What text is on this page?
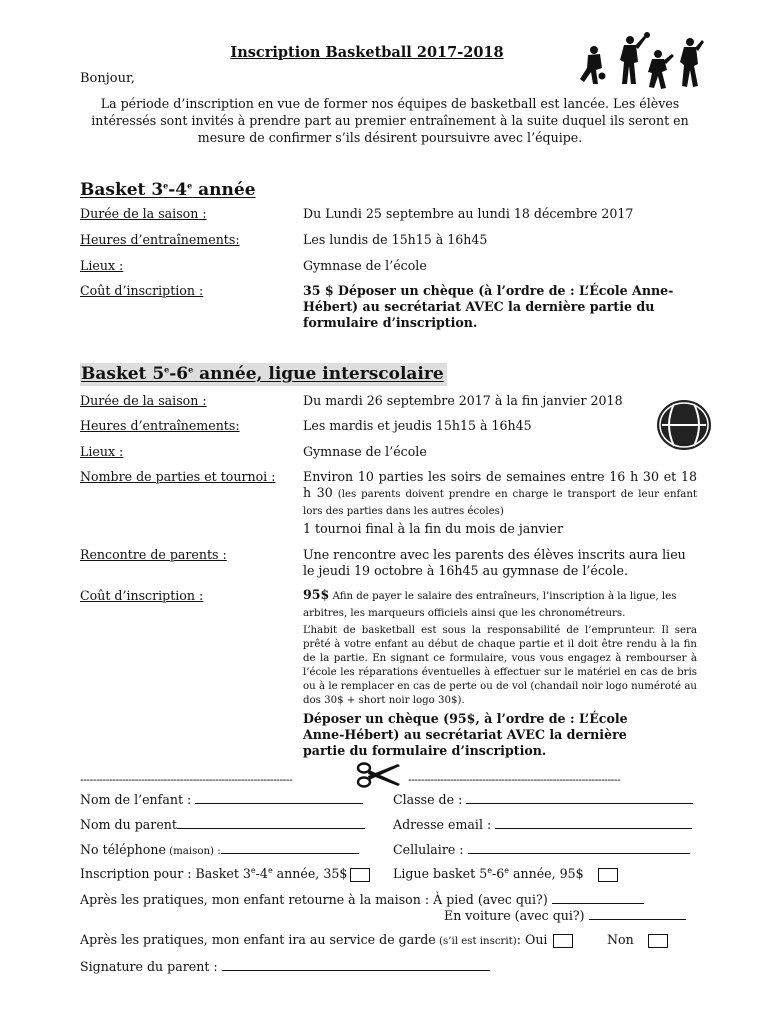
Inscription Basketball 2017-2018
Bonjour,
La période d’inscription en vue de former nos équipes de basketball est lancée. Les élèves intéressés sont invités à prendre part au premier entraînement à la suite duquel ils seront en mesure de confirmer s’ils désirent poursuivre avec l’équipe.
Basket 3e-4e année
Durée de la saison :	Du Lundi 25 septembre au lundi 18 décembre 2017
Heures d’entraînements:	Les lundis de 15h15 à 16h45
Lieux :	Gymnase de l’école
Coût d’inscription :	35 $ Déposer un chèque (à l’ordre de : L’École Anne-Hébert) au secrétariat AVEC la dernière partie du formulaire d’inscription.
Basket 5e-6e année, ligue interscolaire
Durée de la saison :	Du mardi 26 septembre 2017 à la fin janvier 2018
Heures d’entraînements:	Les mardis et jeudis 15h15 à 16h45
Lieux :	Gymnase de l’école
Nombre de parties et tournoi : Environ 10 parties les soirs de semaines entre 16 h 30 et 18 h 30 (les parents doivent prendre en charge le transport de leur enfant lors des parties dans les autres écoles)
1 tournoi final à la fin du mois de janvier
Rencontre de parents :	Une rencontre avec les parents des élèves inscrits aura lieu le jeudi 19 octobre à 16h45 au gymnase de l’école.
Coût d’inscription :	95$ Afin de payer le salaire des entraîneurs, l’inscription à la ligue, les arbitres, les marqueurs officiels ainsi que les chronométreurs.
L’habit de basketball est sous la responsabilité de l’emprunteur. Il sera prêté à votre enfant au début de chaque partie et il doit être rendu à la fin de la partie. En signant ce formulaire, vous vous engagez à rembourser à l’école les réparations éventuelles à effectuer sur le matériel en cas de bris ou à le remplacer en cas de perte ou de vol (chandail noir logo numéroté au dos 30$ + short noir logo 30$).
Déposer un chèque (95$, à l’ordre de : L’École Anne-Hébert) au secrétariat AVEC la dernière partie du formulaire d’inscription.
------------------------------------------------------------------	------------------------------------------------------------------
Nom de l’enfant :	Classe de :
Nom du parent	Adresse email :
No téléphone (maison) :	Cellulaire :
Inscription pour : Basket 3e-4e année, 35$	Ligue basket 5e-6e année, 95$
Après les pratiques, mon enfant retourne à la maison : À pied (avec qui?)
En voiture (avec qui?)
Après les pratiques, mon enfant ira au service de garde (s’il est inscrit): Oui	Non
Signature du parent :
